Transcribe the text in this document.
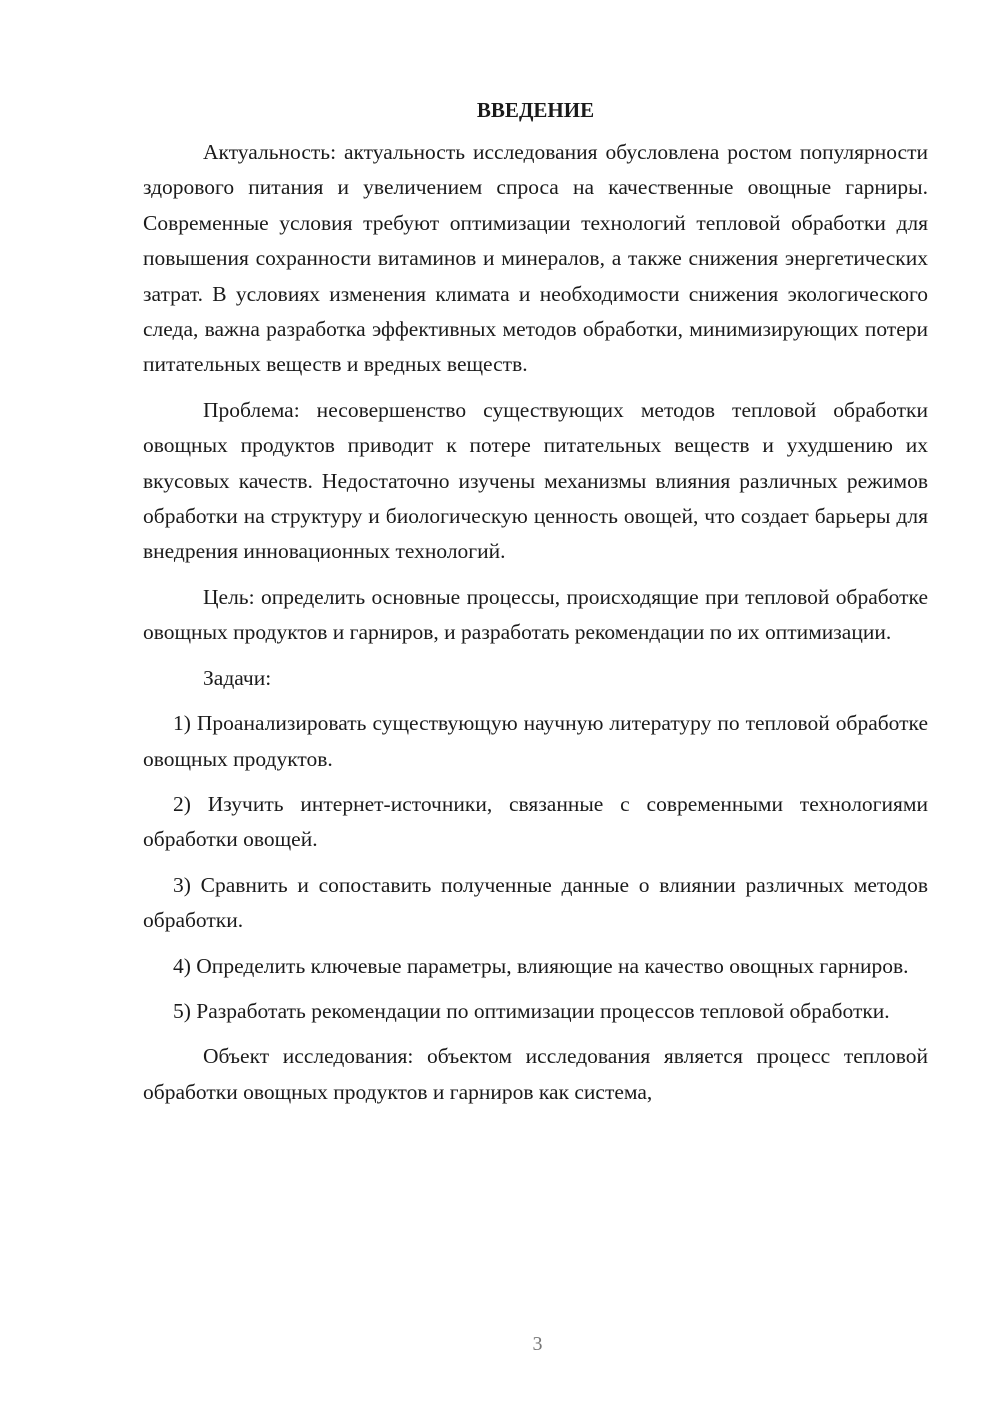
ВВЕДЕНИЕ

Актуальность: актуальность исследования обусловлена ростом популярности здорового питания и увеличением спроса на качественные овощные гарниры. Современные условия требуют оптимизации технологий тепловой обработки для повышения сохранности витаминов и минералов, а также снижения энергетических затрат. В условиях изменения климата и необходимости снижения экологического следа, важна разработка эффективных методов обработки, минимизирующих потери питательных веществ и вредных веществ.

Проблема: несовершенство существующих методов тепловой обработки овощных продуктов приводит к потере питательных веществ и ухудшению их вкусовых качеств. Недостаточно изучены механизмы влияния различных режимов обработки на структуру и биологическую ценность овощей, что создает барьеры для внедрения инновационных технологий.

Цель: определить основные процессы, происходящие при тепловой обработке овощных продуктов и гарниров, и разработать рекомендации по их оптимизации.

Задачи:

1) Проанализировать существующую научную литературу по тепловой обработке овощных продуктов.

2) Изучить интернет-источники, связанные с современными технологиями обработки овощей.

3) Сравнить и сопоставить полученные данные о влиянии различных методов обработки.

4) Определить ключевые параметры, влияющие на качество овощных гарниров.

5) Разработать рекомендации по оптимизации процессов тепловой обработки.

Объект исследования: объектом исследования является процесс тепловой обработки овощных продуктов и гарниров как система,

3
